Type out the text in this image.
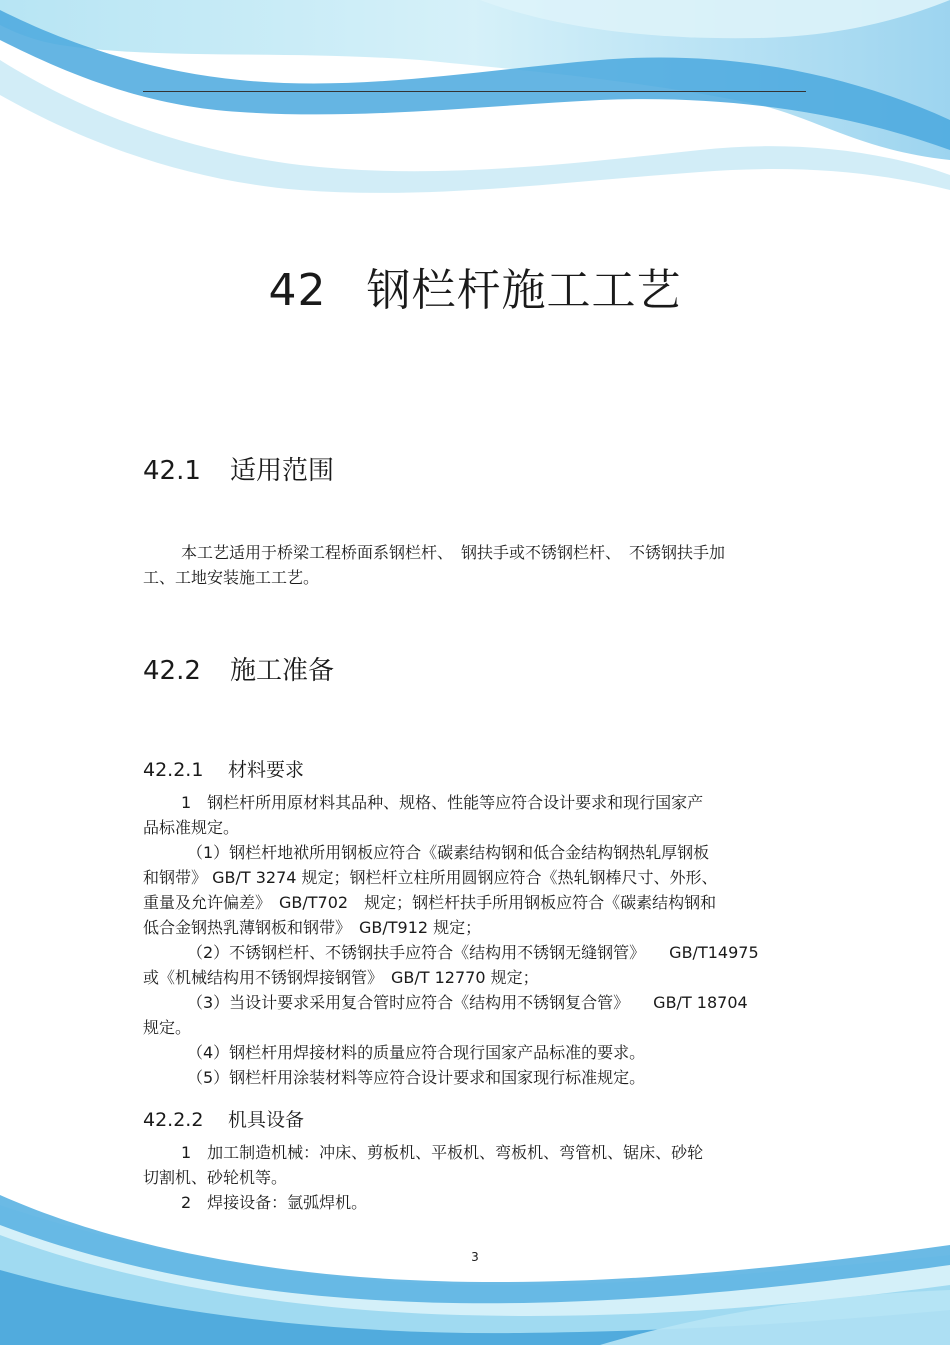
42 钢栏杆施工工艺
42.1 适用范围
本工艺适用于桥梁工程桥面系钢栏杆、　钢扶手或不锈钢栏杆、　不锈钢扶手加
工、工地安装施工工艺。
42.2 施工准备
42.2.1 材料要求
1　钢栏杆所用原材料其品种、规格、性能等应符合设计要求和现行国家产
品标准规定。
（1）钢栏杆地袱所用钢板应符合《碳素结构钢和低合金结构钢热轧厚钢板
和钢带》 GB/T 3274 规定；钢栏杆立柱所用圆钢应符合《热轧钢棒尺寸、外形、
重量及允许偏差》　GB/T702　规定；钢栏杆扶手所用钢板应符合《碳素结构钢和
低合金钢热乳薄钢板和钢带》　GB/T912 规定；
（2）不锈钢栏杆、不锈钢扶手应符合《结构用不锈钢无缝钢管》　　GB/T14975
或《机械结构用不锈钢焊接钢管》　GB/T 12770 规定；
（3）当设计要求采用复合管时应符合《结构用不锈钢复合管》　　GB/T 18704
规定。
（4）钢栏杆用焊接材料的质量应符合现行国家产品标准的要求。
（5）钢栏杆用涂装材料等应符合设计要求和国家现行标准规定。
42.2.2 机具设备
1　加工制造机械：冲床、剪板机、平板机、弯板机、弯管机、锯床、砂轮
切割机、砂轮机等。
2　焊接设备：氩弧焊机。
3
